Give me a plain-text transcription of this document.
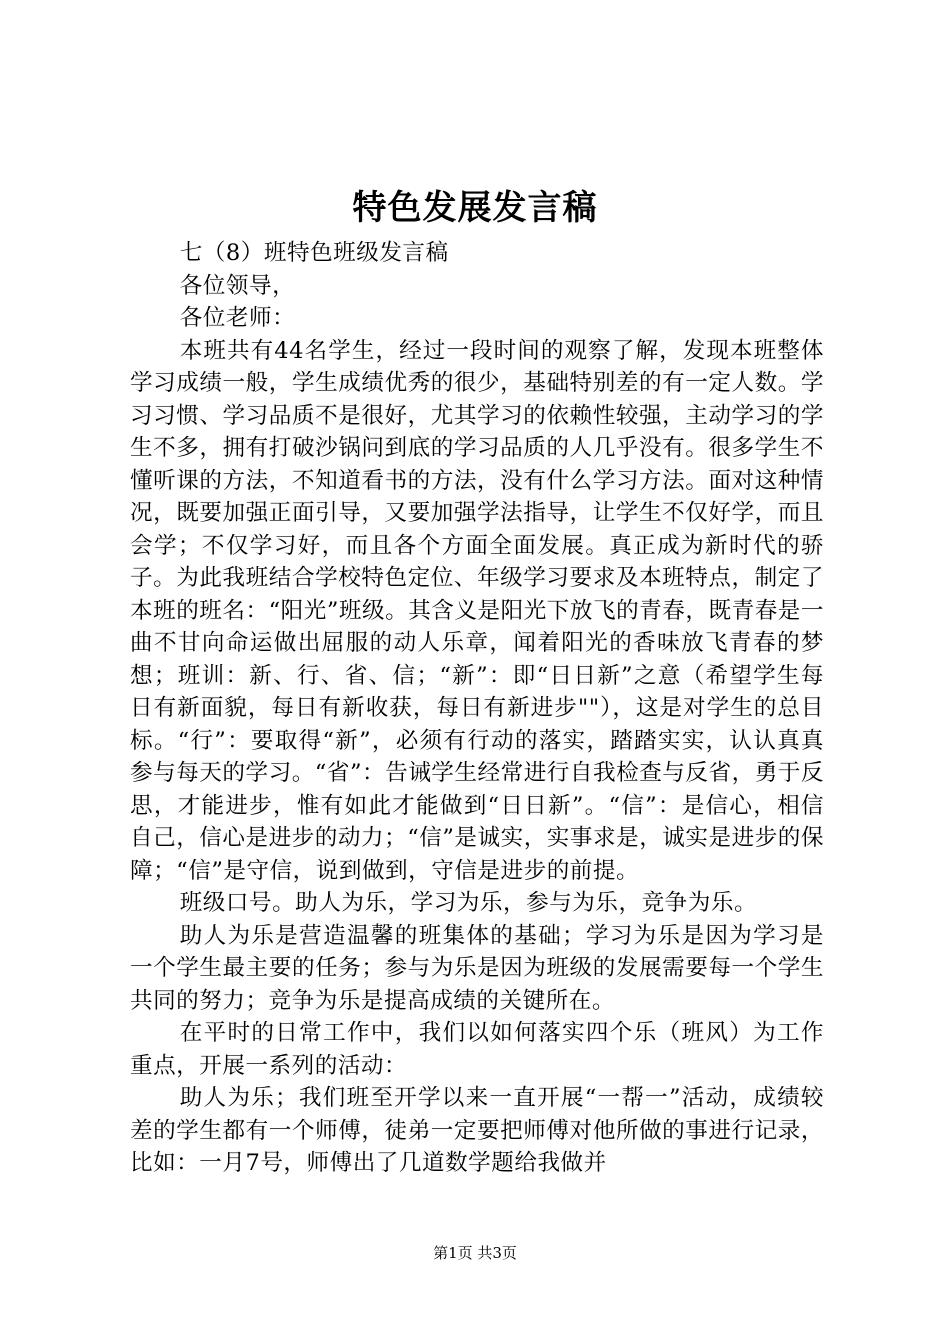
特色发展发言稿

七（8）班特色班级发言稿

各位领导，

各位老师：

本班共有44名学生，经过一段时间的观察了解，发现本班整体学习成绩一般，学生成绩优秀的很少，基础特别差的有一定人数。学习习惯、学习品质不是很好，尤其学习的依赖性较强，主动学习的学生不多，拥有打破沙锅问到底的学习品质的人几乎没有。很多学生不懂听课的方法，不知道看书的方法，没有什么学习方法。面对这种情况，既要加强正面引导，又要加强学法指导，让学生不仅好学，而且会学；不仅学习好，而且各个方面全面发展。真正成为新时代的骄子。为此我班结合学校特色定位、年级学习要求及本班特点，制定了本班的班名：“阳光”班级。其含义是阳光下放飞的青春，既青春是一曲不甘向命运做出屈服的动人乐章，闻着阳光的香味放飞青春的梦想；班训：新、行、省、信；“新”：即“日日新”之意（希望学生每日有新面貌，每日有新收获，每日有新进步""），这是对学生的总目标。“行”：要取得“新”，必须有行动的落实，踏踏实实，认认真真参与每天的学习。“省”：告诫学生经常进行自我检查与反省，勇于反思，才能进步，惟有如此才能做到“日日新”。“信”：是信心，相信自己，信心是进步的动力；“信”是诚实，实事求是，诚实是进步的保障；“信”是守信，说到做到，守信是进步的前提。

班级口号。助人为乐，学习为乐，参与为乐，竞争为乐。

助人为乐是营造温馨的班集体的基础；学习为乐是因为学习是一个学生最主要的任务；参与为乐是因为班级的发展需要每一个学生共同的努力；竞争为乐是提高成绩的关键所在。

在平时的日常工作中，我们以如何落实四个乐（班风）为工作重点，开展一系列的活动：

助人为乐；我们班至开学以来一直开展“一帮一”活动，成绩较差的学生都有一个师傅，徒弟一定要把师傅对他所做的事进行记录，比如：一月7号，师傅出了几道数学题给我做并

第1页 共3页
